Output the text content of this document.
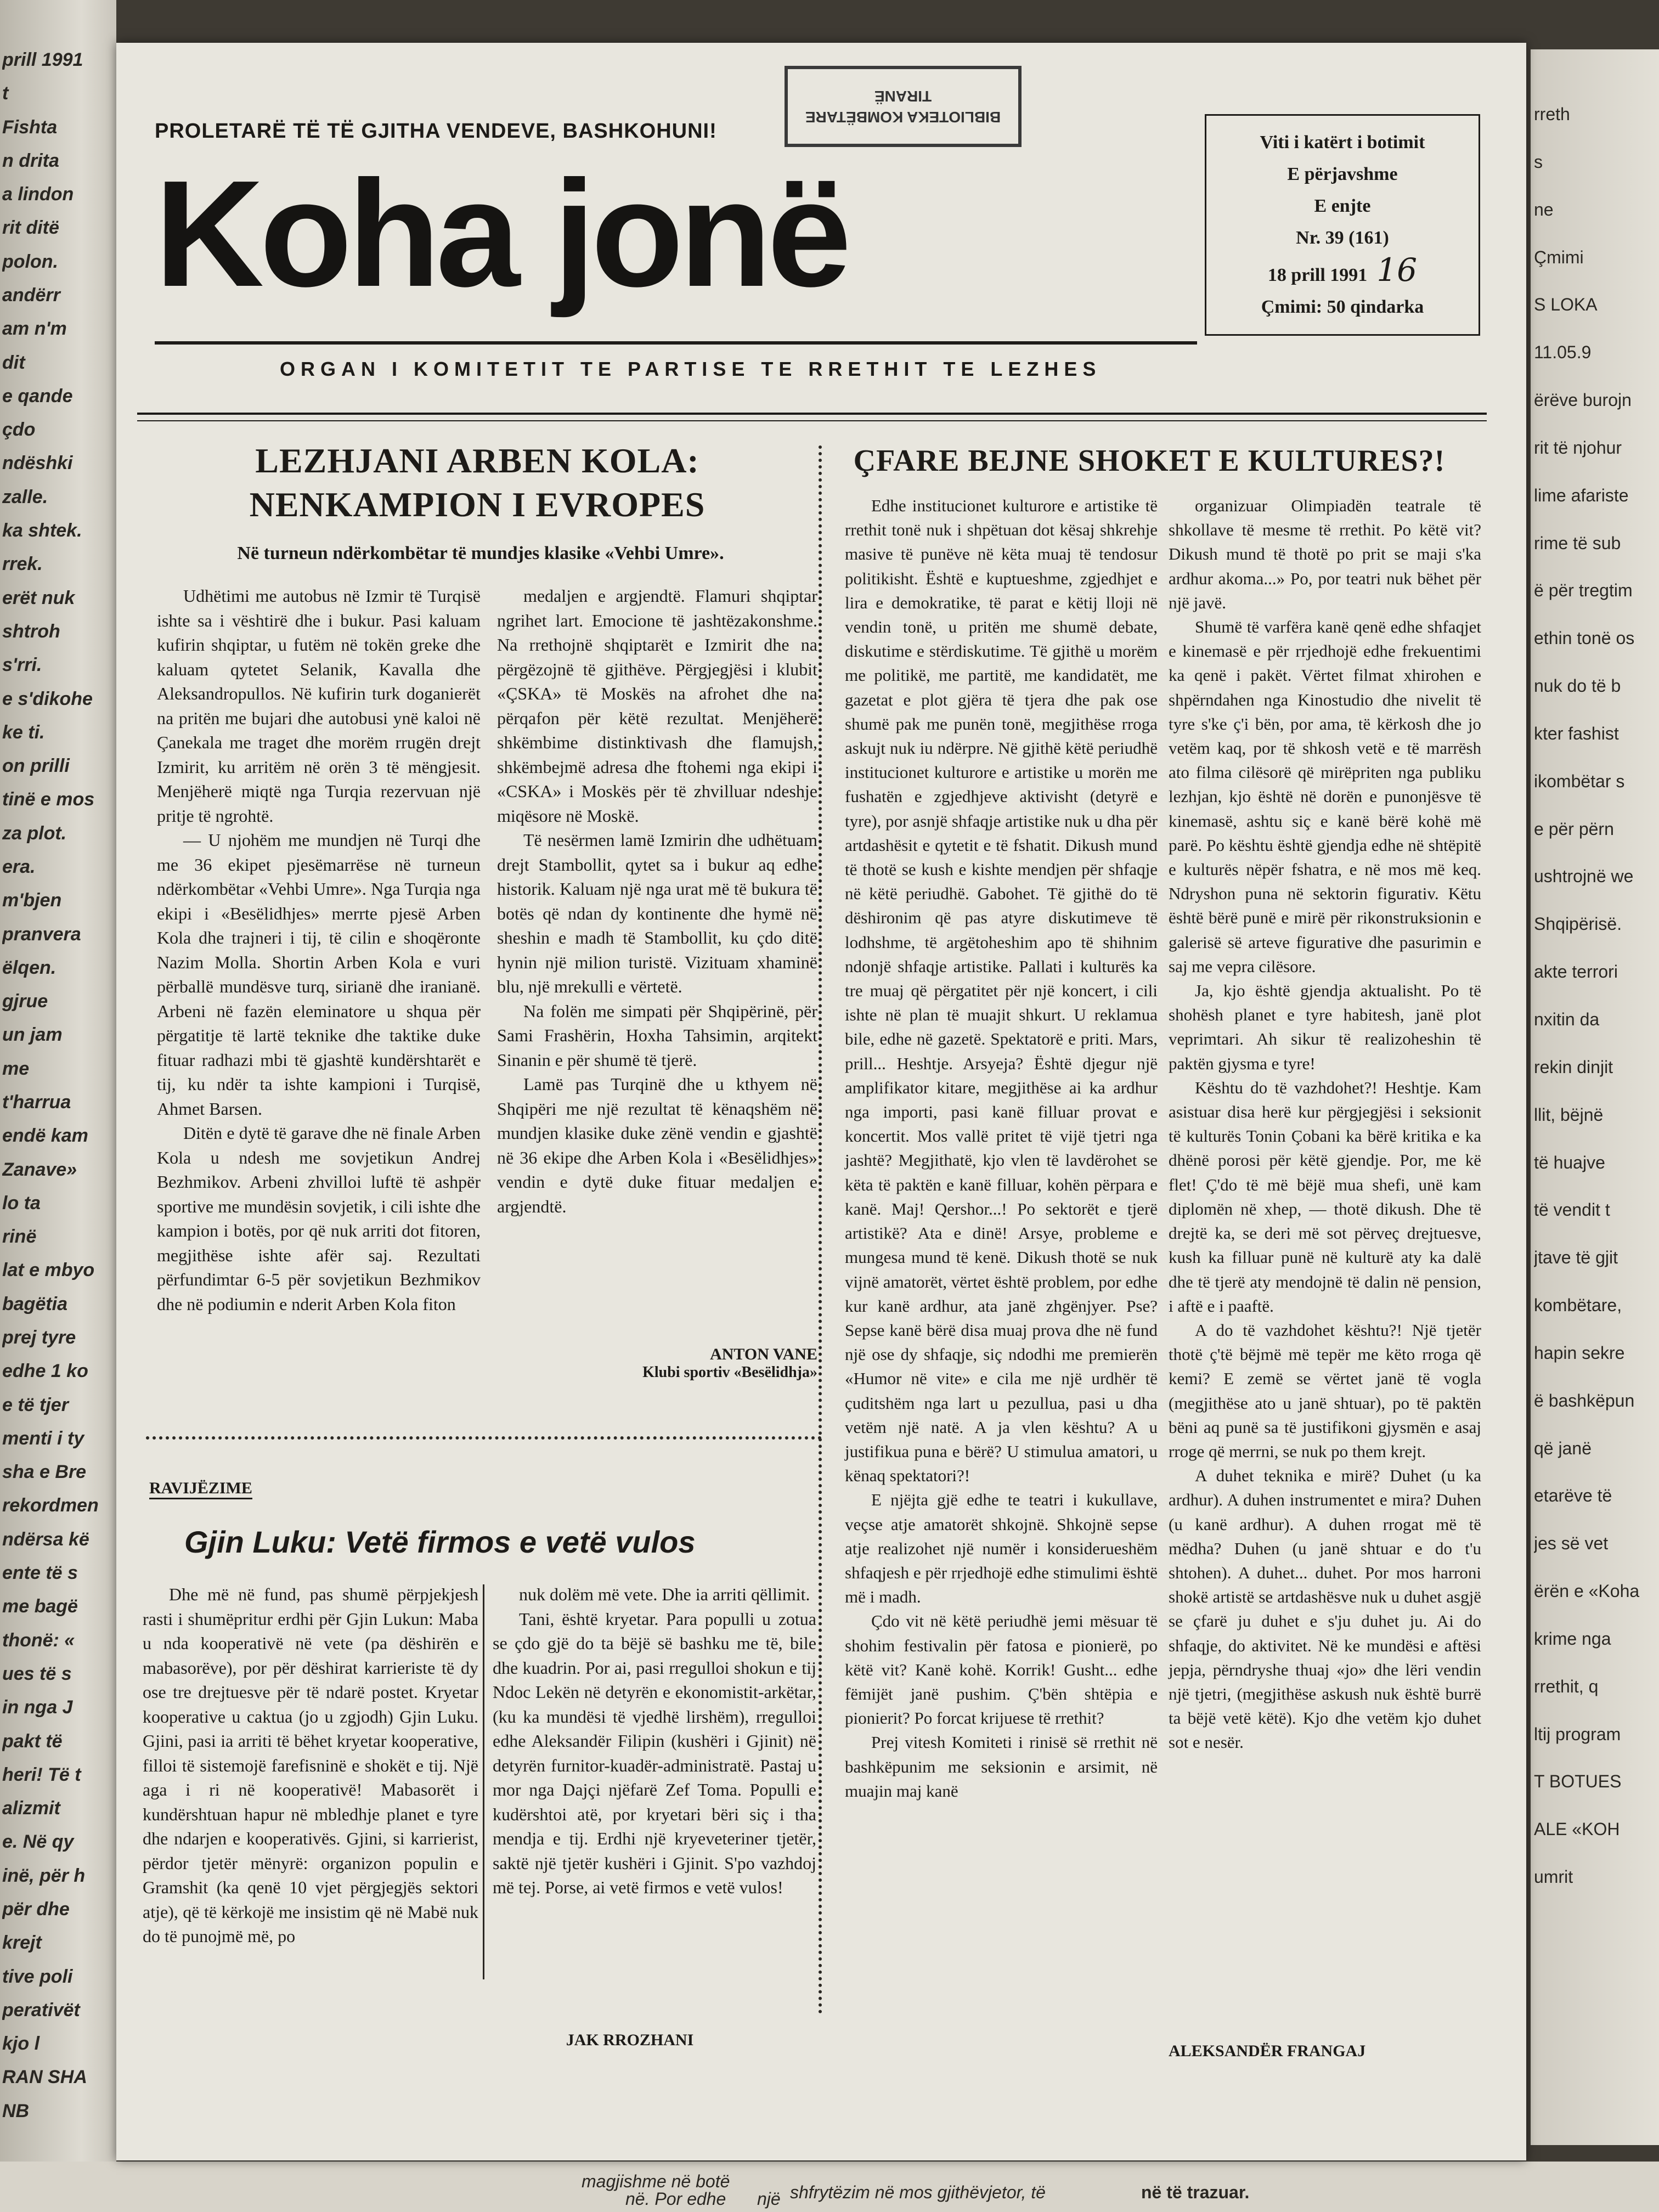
PROLETARË TË TË GJITHA VENDEVE, BASHKOHUNI!
Koha jonë
ORGAN I KOMITETIT TE PARTISE TE RRETHIT TE LEZHES
BIBLIOTEKA KOMBËTARE
TIRANË
Viti i katërt i botimit
E përjavshme
E enjte
Nr. 39 (161)
18 prill 1991 16
Çmimi: 50 qindarka
LEZHJANI ARBEN KOLA:
NENKAMPION I EVROPES
Në turneun ndërkombëtar të mundjes klasike «Vehbi Umre».

Udhëtimi me autobus në Izmir të Turqisë ishte sa i vështirë dhe i bukur. Pasi kaluam kufirin shqiptar, u futëm në tokën greke dhe kaluam qytetet Selanik, Kavalla dhe Aleksandropullos. Në kufirin turk doganierët na pritën me bujari dhe autobusi ynë kaloi në Çanekala me traget dhe morëm rrugën drejt Izmirit, ku arritëm në orën 3 të mëngjesit. Menjëherë miqtë nga Turqia rezervuan një pritje të ngrohtë.

— U njohëm me mundjen në Turqi dhe me 36 ekipet pjesëmarrëse në turneun ndërkombëtar «Vehbi Umre». Nga Turqia nga ekipi i «Besëlidhjes» merrte pjesë Arben Kola dhe trajneri i tij, të cilin e shoqëronte Nazim Molla. Shortin Arben Kola e vuri përballë mundësve turq, sirianë dhe iranianë. Arbeni në fazën eleminatore u shqua për përgatitje të lartë teknike dhe taktike duke fituar radhazi mbi të gjashtë kundërshtarët e tij, ku ndër ta ishte kampioni i Turqisë, Ahmet Barsen.

Ditën e dytë të garave dhe në finale Arben Kola u ndesh me sovjetikun Andrej Bezhmikov. Arbeni zhvilloi luftë të ashpër sportive me mundësin sovjetik, i cili ishte dhe kampion i botës, por që nuk arriti dot fitoren, megjithëse ishte afër saj. Rezultati përfundimtar 6-5 për sovjetikun Bezhmikov dhe në podiumin e nderit Arben Kola fiton

medaljen e argjendtë. Flamuri shqiptar ngrihet lart. Emocione të jashtëzakonshme. Na rrethojnë shqiptarët e Izmirit dhe na përgëzojnë të gjithëve. Përgjegjësi i klubit «ÇSKA» të Moskës na afrohet dhe na përqafon për këtë rezultat. Menjëherë shkëmbime distinktivash dhe flamujsh, shkëmbejmë adresa dhe ftohemi nga ekipi i «CSKA» i Moskës për të zhvilluar ndeshje miqësore në Moskë.

Të nesërmen lamë Izmirin dhe udhëtuam drejt Stambollit, qytet sa i bukur aq edhe historik. Kaluam një nga urat më të bukura të botës që ndan dy kontinente dhe hymë në sheshin e madh të Stambollit, ku çdo ditë hynin një milion turistë. Vizituam xhaminë blu, një mrekulli e vërtetë.

Na folën me simpati për Shqipërinë, për Sami Frashërin, Hoxha Tahsimin, arqitekt Sinanin e për shumë të tjerë.

Lamë pas Turqinë dhe u kthyem në Shqipëri me një rezultat të kënaqshëm në mundjen klasike duke zënë vendin e gjashtë në 36 ekipe dhe Arben Kola i «Besëlidhjes» vendin e dytë duke fituar medaljen e argjendtë.

ANTON VANE
Klubi sportiv «Besëlidhja»
RAVIJËZIME
Gjin Luku: Vetë firmos e vetë vulos

Dhe më në fund, pas shumë përpjekjesh rasti i shumëpritur erdhi për Gjin Lukun: Maba u nda kooperativë në vete (pa dëshirën e mabasorëve), por për dëshirat karrieriste të dy ose tre drejtuesve për të ndarë postet. Kryetar kooperative u caktua (jo u zgjodh) Gjin Luku. Gjini, pasi ia arriti të bëhet kryetar kooperative, filloi të sistemojë farefisninë e shokët e tij. Një aga i ri në kooperativë! Mabasorët i kundërshtuan hapur në mbledhje planet e tyre dhe ndarjen e kooperativës. Gjini, si karrierist, përdor tjetër mënyrë: organizon populin e Gramshit (ka qenë 10 vjet përgjegjës sektori atje), që të kërkojë me insistim që në Mabë nuk do të punojmë më, po

nuk dolëm më vete. Dhe ia arriti qëllimit.

Tani, është kryetar. Para populli u zotua se çdo gjë do ta bëjë së bashku me të, bile dhe kuadrin. Por ai, pasi rregulloi shokun e tij Ndoc Lekën në detyrën e ekonomistit-arkëtar, (ku ka mundësi të vjedhë lirshëm), rregulloi edhe Aleksandër Filipin (kushëri i Gjinit) në detyrën furnitor-kuadër-administratë. Pastaj u mor nga Dajçi njëfarë Zef Toma. Populli e kudërshtoi atë, por kryetari bëri siç i tha mendja e tij. Erdhi një kryeveteriner tjetër, saktë një tjetër kushëri i Gjinit. S'po vazhdoj më tej. Porse, ai vetë firmos e vetë vulos!

JAK RROZHANI
ÇFARE BEJNE SHOKET E KULTURES?!

Edhe institucionet kulturore e artistike të rrethit tonë nuk i shpëtuan dot kësaj shkrehje masive të punëve në këta muaj të tendosur politikisht. Është e kuptueshme, zgjedhjet e lira e demokratike, të parat e këtij lloji në vendin tonë, u pritën me shumë debate, diskutime e stërdiskutime. Të gjithë u morëm me politikë, me partitë, me kandidatët, me gazetat e plot gjëra të tjera dhe pak ose shumë pak me punën tonë, megjithëse rroga askujt nuk iu ndërpre. Në gjithë këtë periudhë institucionet kulturore e artistike u morën me fushatën e zgjedhjeve aktivisht (detyrë e tyre), por asnjë shfaqje artistike nuk u dha për artdashësit e qytetit e të fshatit. Dikush mund të thotë se kush e kishte mendjen për shfaqje në këtë periudhë. Gabohet. Të gjithë do të dëshironim që pas atyre diskutimeve të lodhshme, të argëtoheshim apo të shihnim ndonjë shfaqje artistike. Pallati i kulturës ka tre muaj që përgatitet për një koncert, i cili ishte në plan të muajit shkurt. U reklamua bile, edhe në gazetë. Spektatorë e priti. Mars, prill... Heshtje. Arsyeja? Është djegur një amplifikator kitare, megjithëse ai ka ardhur nga importi, pasi kanë filluar provat e koncertit. Mos vallë pritet të vijë tjetri nga jashtë? Megjithatë, kjo vlen të lavdërohet se këta të paktën e kanë filluar, kohën përpara e kanë. Maj! Qershor...! Po sektorët e tjerë artistikë? Ata e dinë! Arsye, probleme e mungesa mund të kenë. Dikush thotë se nuk vijnë amatorët, vërtet është problem, por edhe kur kanë ardhur, ata janë zhgënjyer. Pse? Sepse kanë bërë disa muaj prova dhe në fund një ose dy shfaqje, siç ndodhi me premierën «Humor në vite» e cila me një urdhër të çuditshëm nga lart u pezullua, pasi u dha vetëm një natë. A ja vlen kështu? A u justifikua puna e bërë? U stimulua amatori, u kënaq spektatori?!

E njëjta gjë edhe te teatri i kukullave, veçse atje amatorët shkojnë. Shkojnë sepse atje realizohet një numër i konsiderueshëm shfaqjesh e për rrjedhojë edhe stimulimi është më i madh.

Çdo vit në këtë periudhë jemi mësuar të shohim festivalin për fatosa e pionierë, po këtë vit? Kanë kohë. Korrik! Gusht... edhe fëmijët janë pushim. Ç'bën shtëpia e pionierit? Po forcat krijuese të rrethit?

Prej vitesh Komiteti i rinisë së rrethit në bashkëpunim me seksionin e arsimit, në muajin maj kanë

organizuar Olimpiadën teatrale të shkollave të mesme të rrethit. Po këtë vit? Dikush mund të thotë po prit se maji s'ka ardhur akoma...» Po, por teatri nuk bëhet për një javë.

Shumë të varfëra kanë qenë edhe shfaqjet e kinemasë e për rrjedhojë edhe frekuentimi ka qenë i pakët. Vërtet filmat xhirohen e shpërndahen nga Kinostudio dhe nivelit të tyre s'ke ç'i bën, por ama, të kërkosh dhe jo vetëm kaq, por të shkosh vetë e të marrësh ato filma cilësorë që mirëpriten nga publiku lezhjan, kjo është në dorën e punonjësve të kinemasë, ashtu siç e kanë bërë kohë më parë. Po kështu është gjendja edhe në shtëpitë e kulturës nëpër fshatra, e në mos më keq. Ndryshon puna në sektorin figurativ. Këtu është bërë punë e mirë për rikonstruksionin e galerisë së arteve figurative dhe pasurimin e saj me vepra cilësore.

Ja, kjo është gjendja aktualisht. Po të shohësh planet e tyre habitesh, janë plot veprimtari. Ah sikur të realizoheshin të paktën gjysma e tyre!

Kështu do të vazhdohet?! Heshtje. Kam asistuar disa herë kur përgjegjësi i seksionit të kulturës Tonin Çobani ka bërë kritika e ka dhënë porosi për këtë gjendje. Por, me kë flet! Ç'do të më bëjë mua shefi, unë kam diplomën në xhep, — thotë dikush. Dhe të drejtë ka, se deri më sot përveç drejtuesve, kush ka filluar punë në kulturë aty ka dalë dhe të tjerë aty mendojnë të dalin në pension, i aftë e i paaftë.

A do të vazhdohet kështu?! Një tjetër thotë ç'të bëjmë më tepër me këto rroga që kemi? E zemë se vërtet janë të vogla (megjithëse ato u janë shtuar), po të paktën bëni aq punë sa të justifikoni gjysmën e asaj rroge që merrni, se nuk po them krejt.

A duhet teknika e mirë? Duhet (u ka ardhur). A duhen instrumentet e mira? Duhen (u kanë ardhur). A duhen rrogat më të mëdha? Duhen (u janë shtuar e do t'u shtohen). A duhet... duhet. Por mos harroni shokë artistë se artdashësve nuk u duhet asgjë se çfarë ju duhet e s'ju duhet ju. Ai do shfaqje, do aktivitet. Në ke mundësi e aftësi jepja, përndryshe thuaj «jo» dhe lëri vendin një tjetri, (megjithëse askush nuk është burrë ta bëjë vetë këtë). Kjo dhe vetëm kjo duhet sot e nesër.

ALEKSANDËR FRANGAJ
prill 1991
t
Fishta
n drita
a lindon
rit ditë
polon.
andërr
am n'm
dit
e qande
çdo
ndëshki
zalle.
ka shtek.
rrek.
erët nuk
shtroh
s'rri.
e s'dikohe
ke ti.
on prilli
tinë e mos
za plot.
era.
m'bjen
pranvera
ëlqen.
gjrue
un jam
me
t'harrua
endë kam
Zanave»
lo ta
rinë
lat e mbyo
bagëtia
prej tyre
edhe 1 ko
e të tjer
menti i ty
sha e Bre
rekordmen
ndërsa kë
ente të s
me bagë
thonë: «
ues të s
in nga J
pakt të
heri! Të t
alizmit
e. Në qy
inë, për h
për dhe
krejt
tive poli
perativët
kjo l
RAN SHA
NB
rreth
s
ne
Çmimi
S LOKA
11.05.9
ërëve burojn
rit të njohur
lime afariste
rime të sub
ë për tregtim
ethin tonë os
nuk do të b
kter fashist
ikombëtar s
e për përn
ushtrojnë we
Shqipërisë.
akte terrori
nxitin da
rekin dinjit
llit, bëjnë
të huajve
të vendit t
jtave të gjit
kombëtare,
hapin sekre
ë bashkëpun
që janë
etarëve të
jes së vet
ërën e «Koha
krime nga
rrethit, q
ltij program
T BOTUES
ALE «KOH
umrit
magjishme në botë
në. Por edhe një shfrytëzim në mos gjithëvjetor, të	në të trazuar.
